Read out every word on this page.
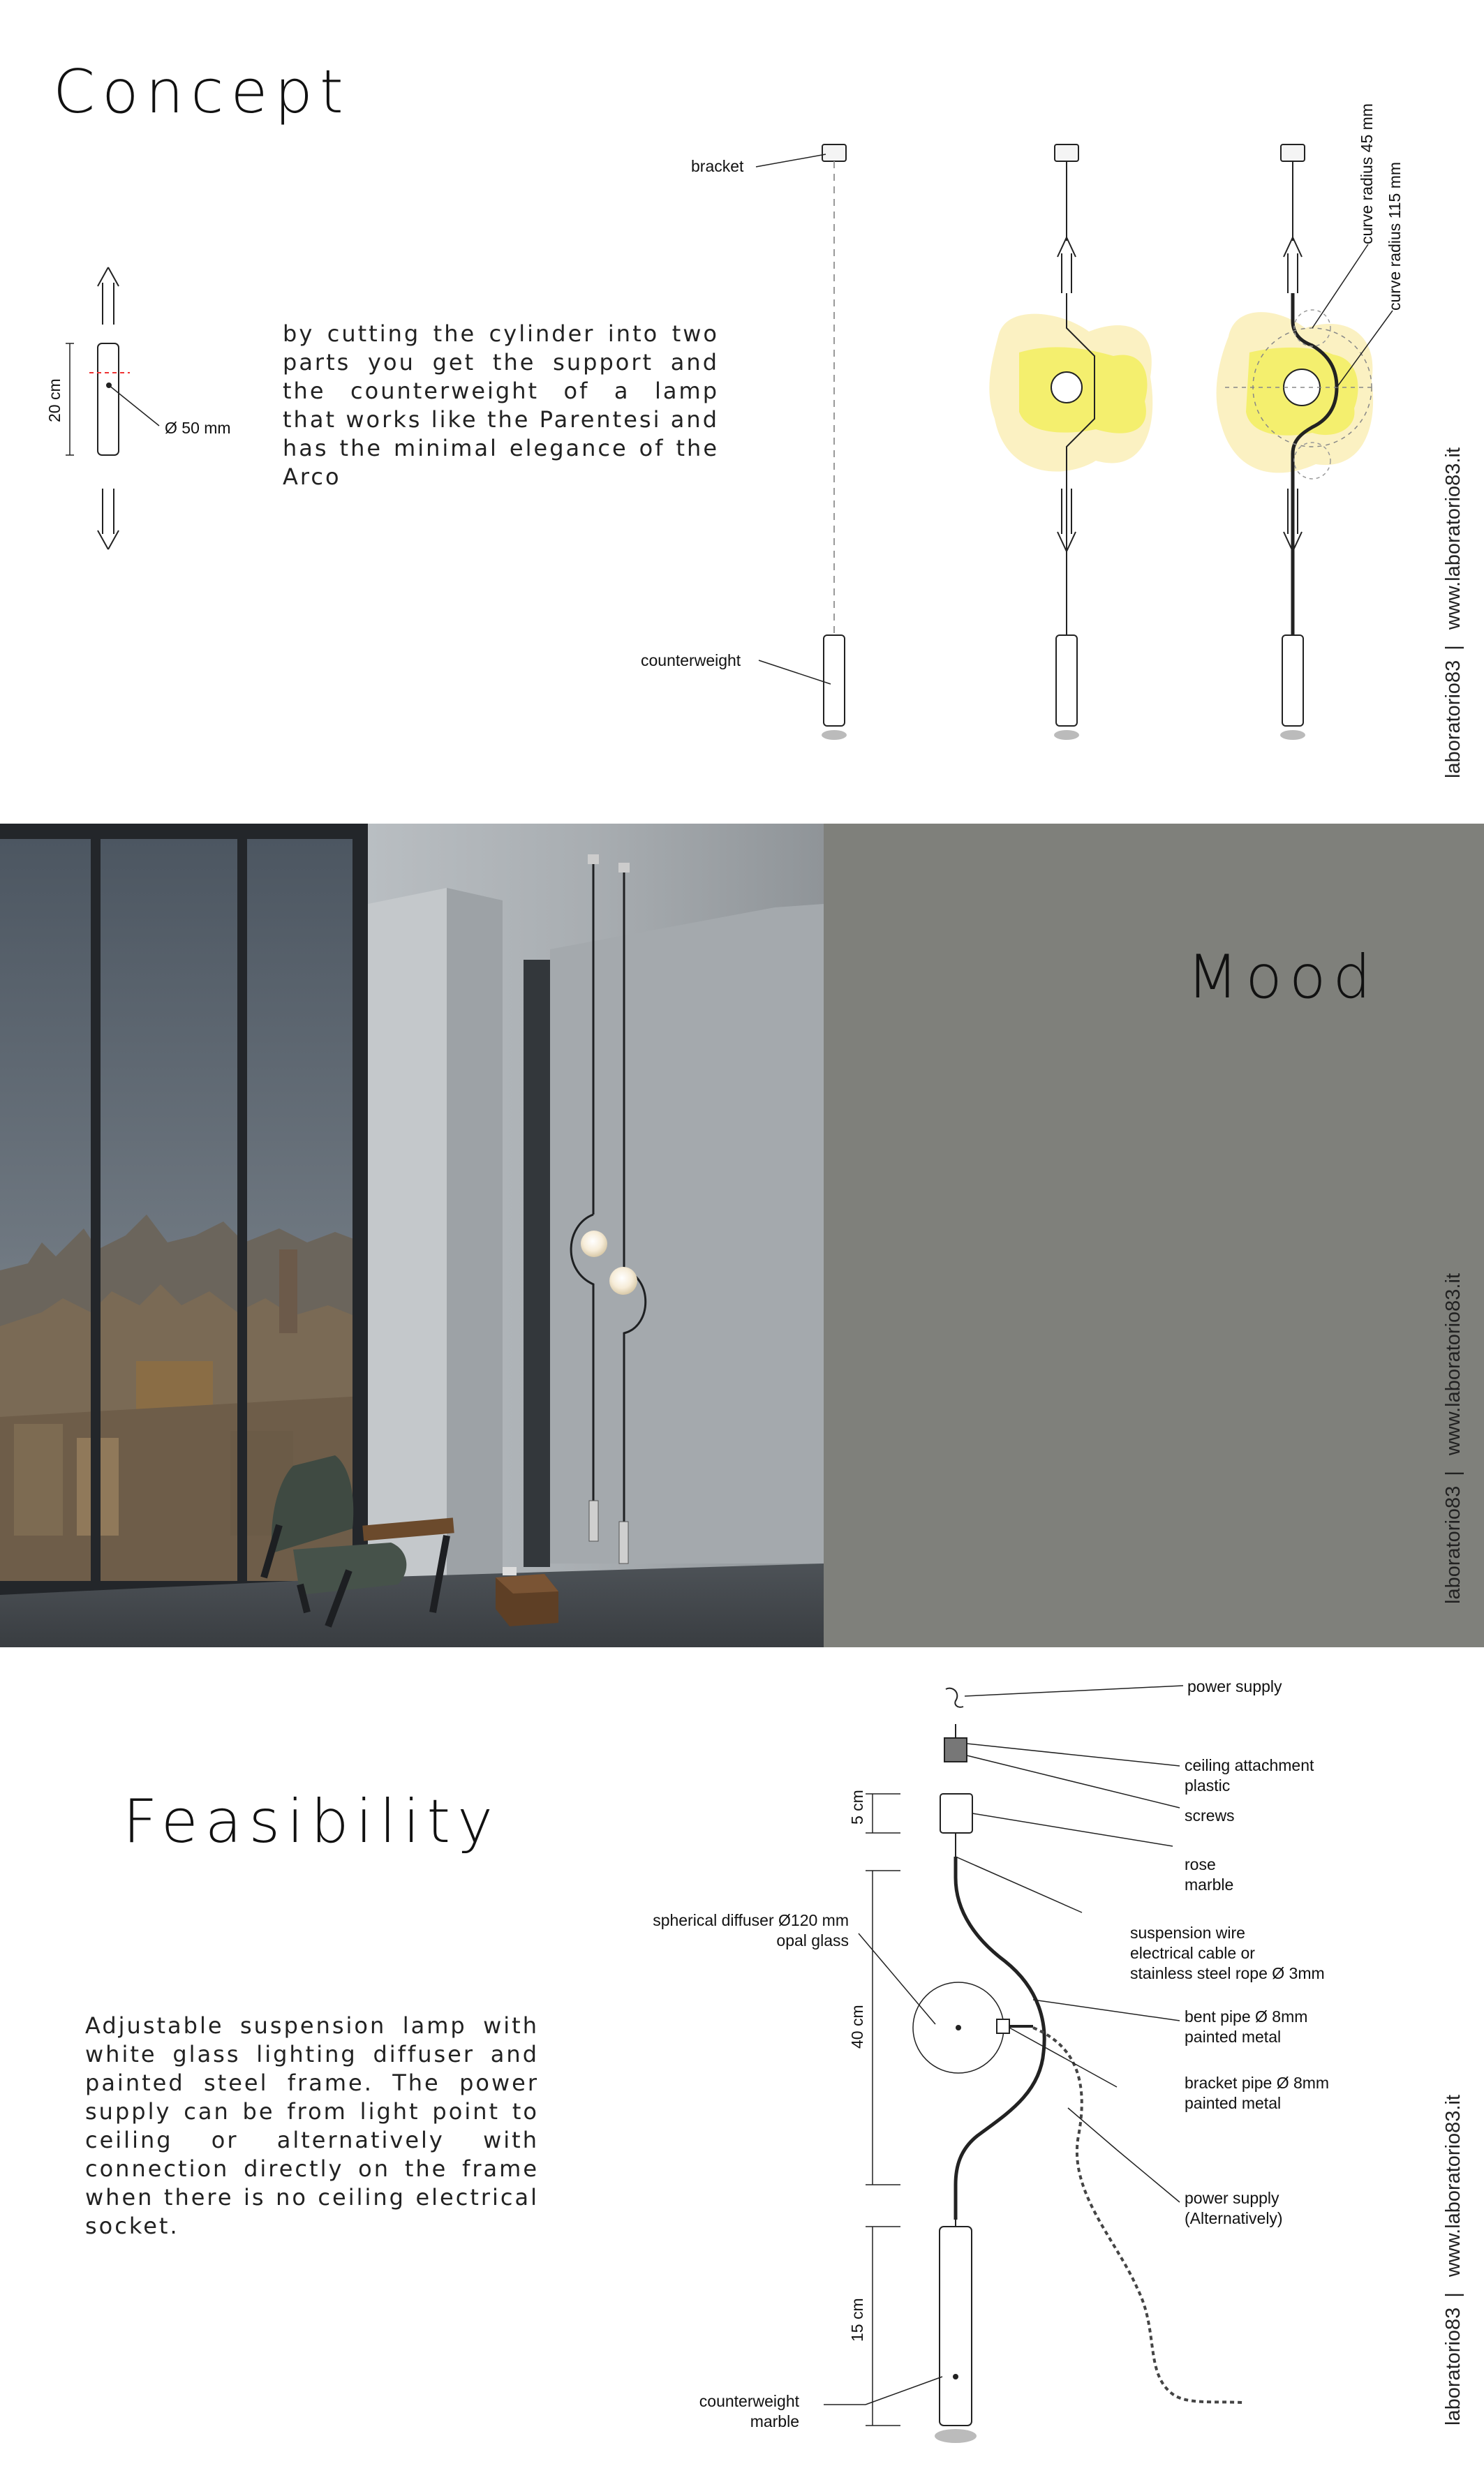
Concept
by cutting the cylinder into two parts you get the support and the counterweight of a lamp that works like the Parentesi and has the minimal elegance of the Arco
20 cm
Ø 50 mm
bracket
counterweight
curve radius 45 mm curve radius 115 mm
laboratorio83|www.laboratorio83.it
Mood
laboratorio83|www.laboratorio83.it
Feasibility
Adjustable suspension lamp with white glass lighting diffuser and painted steel frame. The power supply can be from light point to ceiling or alternatively with connection directly on the frame when there is no ceiling electrical socket.
5 cm
40 cm
15 cm
power supply
ceiling attachment
plastic
screws
rose
marble
suspension wire
electrical cable or
stainless steel rope Ø 3mm
bent pipe Ø 8mm
painted metal
bracket pipe Ø 8mm
painted metal
power supply
(Alternatively)
spherical diffuser Ø120 mm
opal glass
counterweight
marble	laboratorio83|www.laboratorio83.it
